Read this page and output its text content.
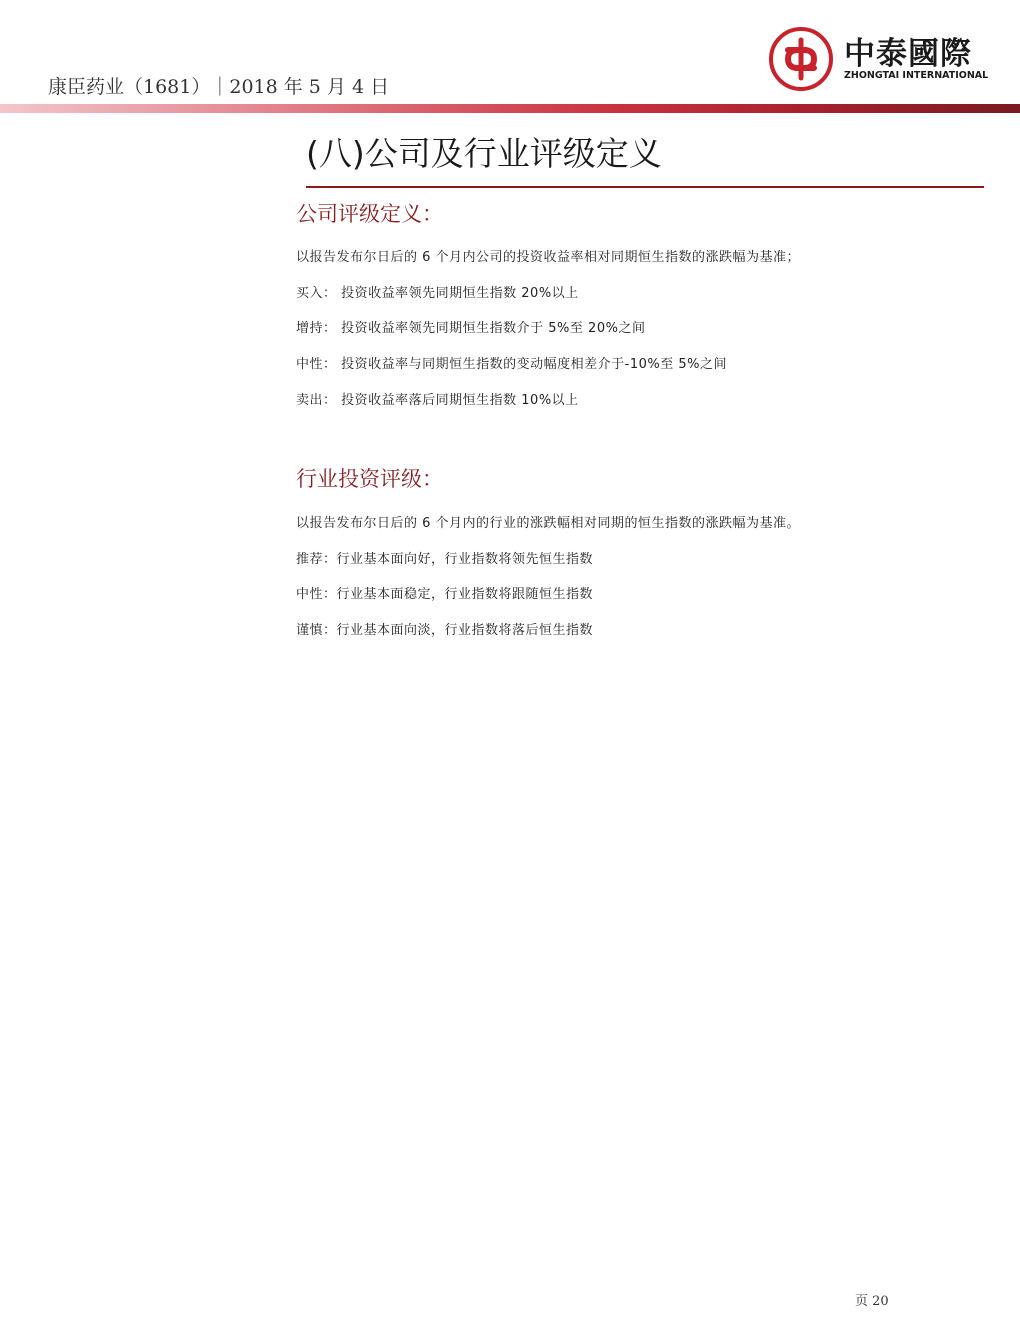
康臣药业（1681）｜2018 年 5 月 4 日
中泰國際
ZHONGTAI INTERNATIONAL
(八)公司及行业评级定义
公司评级定义：
以报告发布尔日后的 6 个月内公司的投资收益率相对同期恒生指数的涨跌幅为基准；
买入： 投资收益率领先同期恒生指数 20%以上
增持： 投资收益率领先同期恒生指数介于 5%至 20%之间
中性： 投资收益率与同期恒生指数的变动幅度相差介于-10%至 5%之间
卖出： 投资收益率落后同期恒生指数 10%以上
行业投资评级：
以报告发布尔日后的 6 个月内的行业的涨跌幅相对同期的恒生指数的涨跌幅为基准。
推荐：行业基本面向好，行业指数将领先恒生指数
中性：行业基本面稳定，行业指数将跟随恒生指数
谨慎：行业基本面向淡，行业指数将落后恒生指数
页 20
